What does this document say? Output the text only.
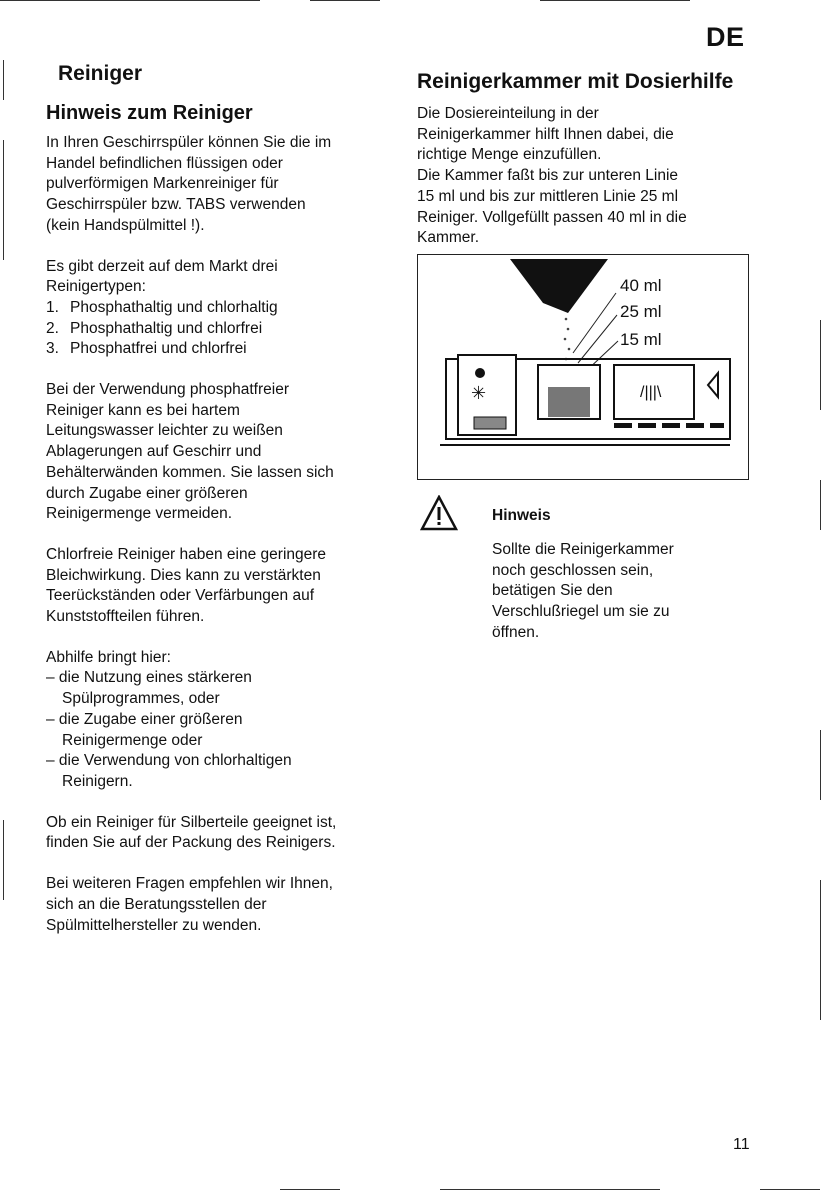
DE
Reiniger
Hinweis zum Reiniger

In Ihren Geschirrspüler können Sie die im
Handel befindlichen flüssigen oder
pulverförmigen Markenreiniger für
Geschirrspüler bzw. TABS verwenden
(kein Handspülmittel !).

Es gibt derzeit auf dem Markt drei
Reinigertypen:

1. Phosphathaltig und chlorhaltig
2. Phosphathaltig und chlorfrei
3. Phosphatfrei und chlorfrei

Bei der Verwendung phosphatfreier
Reiniger kann es bei hartem
Leitungswasser leichter zu weißen
Ablagerungen auf Geschirr und
Behälterwänden kommen. Sie lassen sich
durch Zugabe einer größeren
Reinigermenge vermeiden.

Chlorfreie Reiniger haben eine geringere
Bleichwirkung. Dies kann zu verstärkten
Teerückständen oder Verfärbungen auf
Kunststoffteilen führen.

Abhilfe bringt hier:

– die Nutzung eines stärkeren
Spülprogrammes, oder
– die Zugabe einer größeren
Reinigermenge oder
– die Verwendung von chlorhaltigen
Reinigern.

Ob ein Reiniger für Silberteile geeignet ist,
finden Sie auf der Packung des Reinigers.

Bei weiteren Fragen empfehlen wir Ihnen,
sich an die Beratungsstellen der
Spülmittelhersteller zu wenden.

Reinigerkammer mit Dosierhilfe

Die Dosiereinteilung in der
Reinigerkammer hilft Ihnen dabei, die
richtige Menge einzufüllen.
Die Kammer faßt bis zur unteren Linie
15 ml und bis zur mittleren Linie 25 ml
Reiniger. Vollgefüllt passen 40 ml in die
Kammer.

40 ml
25 ml
15 ml
✳	/|||\
Hinweis

Sollte die Reinigerkammer
noch geschlossen sein,
betätigen Sie den
Verschlußriegel um sie zu
öffnen.

11
